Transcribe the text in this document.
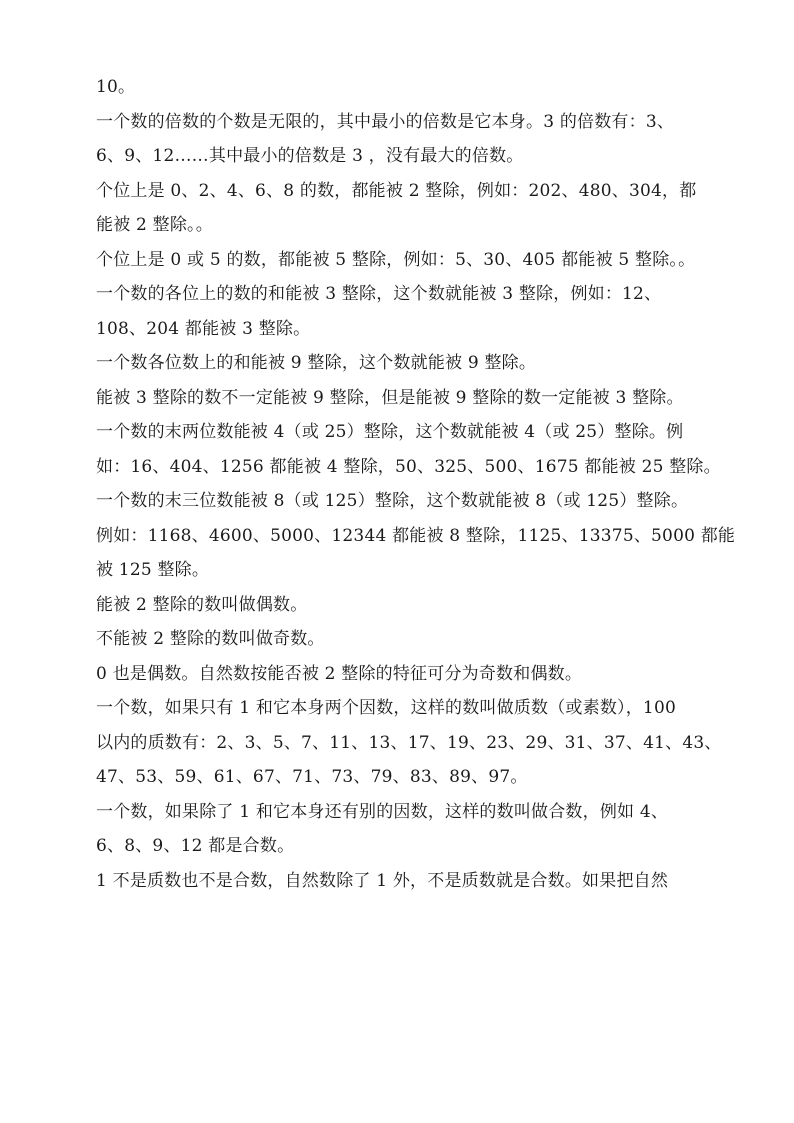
10。
一个数的倍数的个数是无限的，其中最小的倍数是它本身。3 的倍数有：3、
6、9、12……其中最小的倍数是 3 ，没有最大的倍数。
个位上是 0、2、4、6、8 的数，都能被 2 整除，例如：202、480、304，都
能被 2 整除。。
个位上是 0 或 5 的数，都能被 5 整除，例如：5、30、405 都能被 5 整除。。
一个数的各位上的数的和能被 3 整除，这个数就能被 3 整除，例如：12、
108、204 都能被 3 整除。
一个数各位数上的和能被 9 整除，这个数就能被 9 整除。
能被 3 整除的数不一定能被 9 整除，但是能被 9 整除的数一定能被 3 整除。
一个数的末两位数能被 4（或 25）整除，这个数就能被 4（或 25）整除。例
如：16、404、1256 都能被 4 整除，50、325、500、1675 都能被 25 整除。
一个数的末三位数能被 8（或 125）整除，这个数就能被 8（或 125）整除。
例如：1168、4600、5000、12344 都能被 8 整除，1125、13375、5000 都能
被 125 整除。
能被 2 整除的数叫做偶数。
不能被 2 整除的数叫做奇数。
0 也是偶数。自然数按能否被 2 整除的特征可分为奇数和偶数。
一个数，如果只有 1 和它本身两个因数，这样的数叫做质数（或素数），100
以内的质数有：2、3、5、7、11、13、17、19、23、29、31、37、41、43、
47、53、59、61、67、71、73、79、83、89、97。
一个数，如果除了 1 和它本身还有别的因数，这样的数叫做合数，例如 4、
6、8、9、12 都是合数。
1 不是质数也不是合数，自然数除了 1 外，不是质数就是合数。如果把自然
